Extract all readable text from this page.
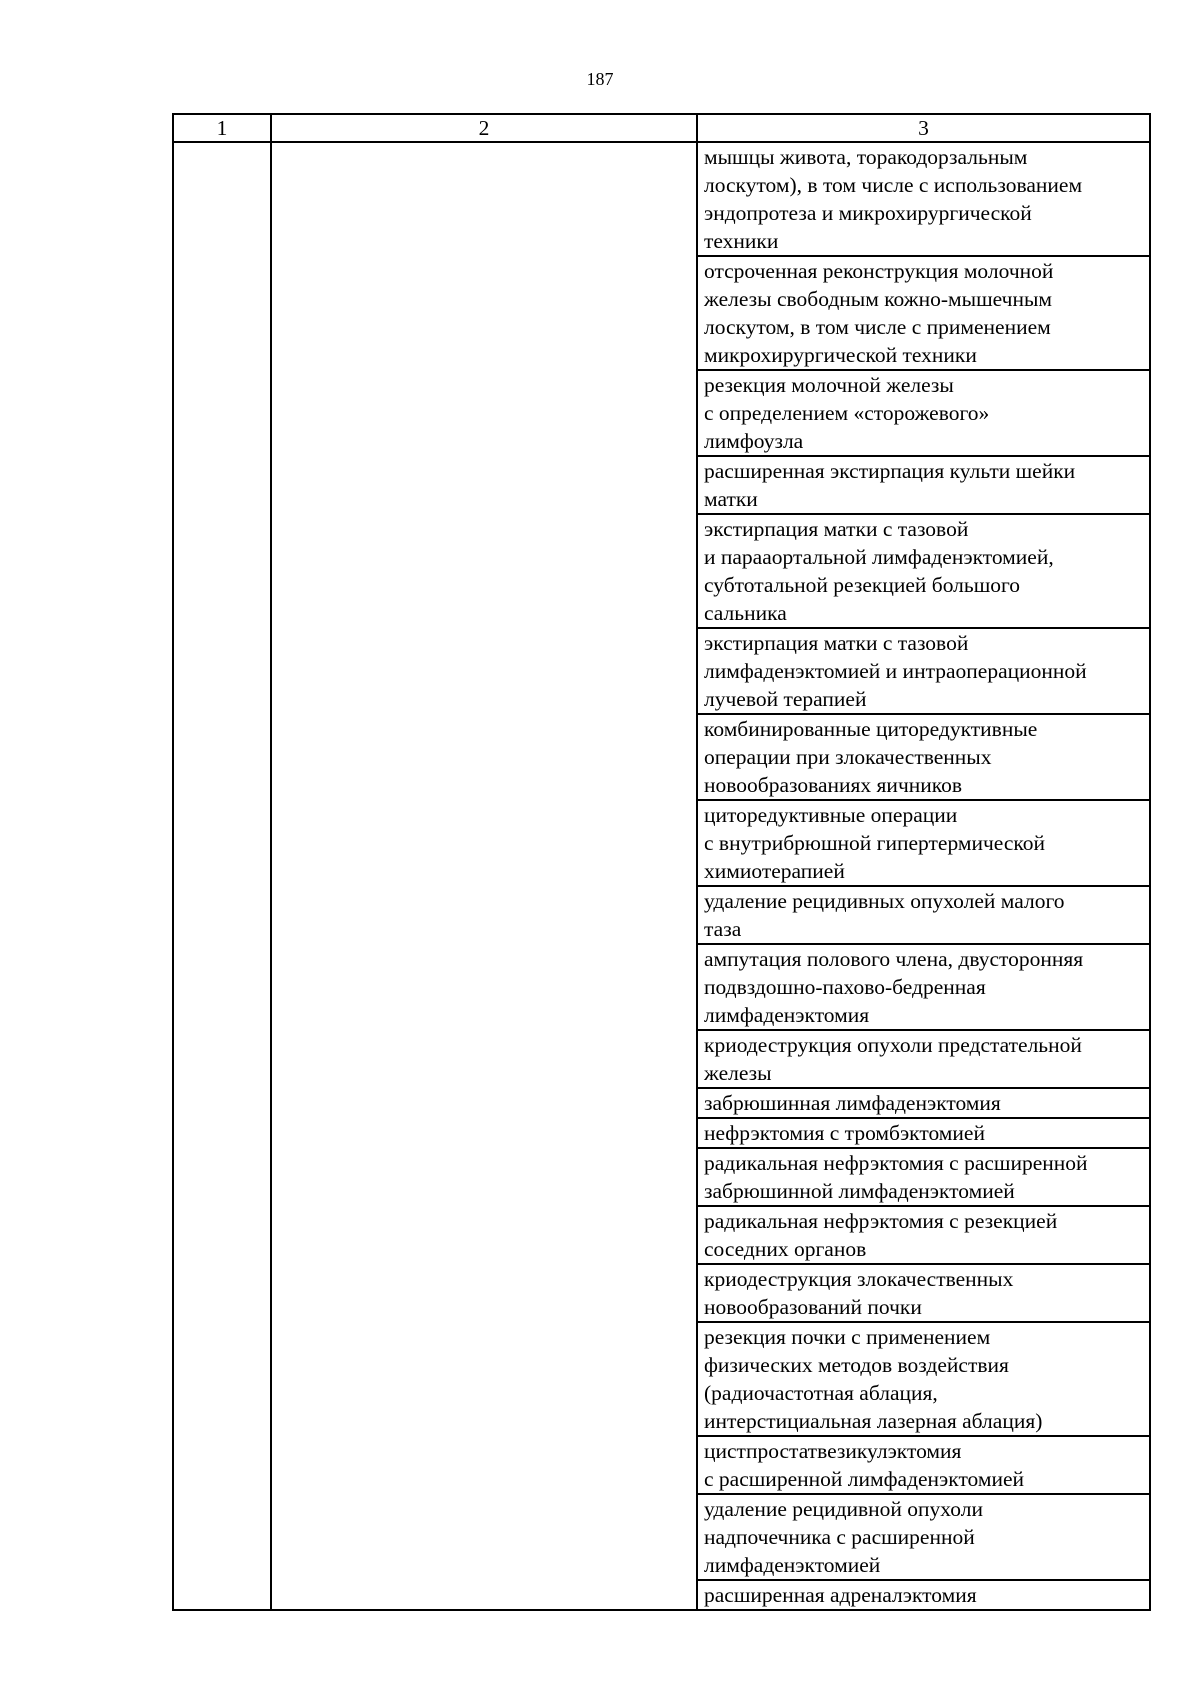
187
1	2	3

		мышцы живота, торакодорзальным
лоскутом), в том числе с использованием
эндопротеза и микрохирургической
техники

		отсроченная реконструкция молочной
железы свободным кожно-мышечным
лоскутом, в том числе с применением
микрохирургической техники

		резекция молочной железы
с определением «сторожевого»
лимфоузла

		расширенная экстирпация культи шейки
матки

		экстирпация матки с тазовой
и парааортальной лимфаденэктомией,
субтотальной резекцией большого
сальника

		экстирпация матки с тазовой
лимфаденэктомией и интраоперационной
лучевой терапией

		комбинированные циторедуктивные
операции при злокачественных
новообразованиях яичников

		циторедуктивные операции
с внутрибрюшной гипертермической
химиотерапией

		удаление рецидивных опухолей малого
таза

		ампутация полового члена, двусторонняя
подвздошно-пахово-бедренная
лимфаденэктомия

		криодеструкция опухоли предстательной
железы

		забрюшинная лимфаденэктомия

		нефрэктомия с тромбэктомией

		радикальная нефрэктомия с расширенной
забрюшинной лимфаденэктомией

		радикальная нефрэктомия с резекцией
соседних органов

		криодеструкция злокачественных
новообразований почки

		резекция почки с применением
физических методов воздействия
(радиочастотная аблация,
интерстициальная лазерная аблация)

		цистпростатвезикулэктомия
с расширенной лимфаденэктомией

		удаление рецидивной опухоли
надпочечника с расширенной
лимфаденэктомией

		расширенная адреналэктомия
